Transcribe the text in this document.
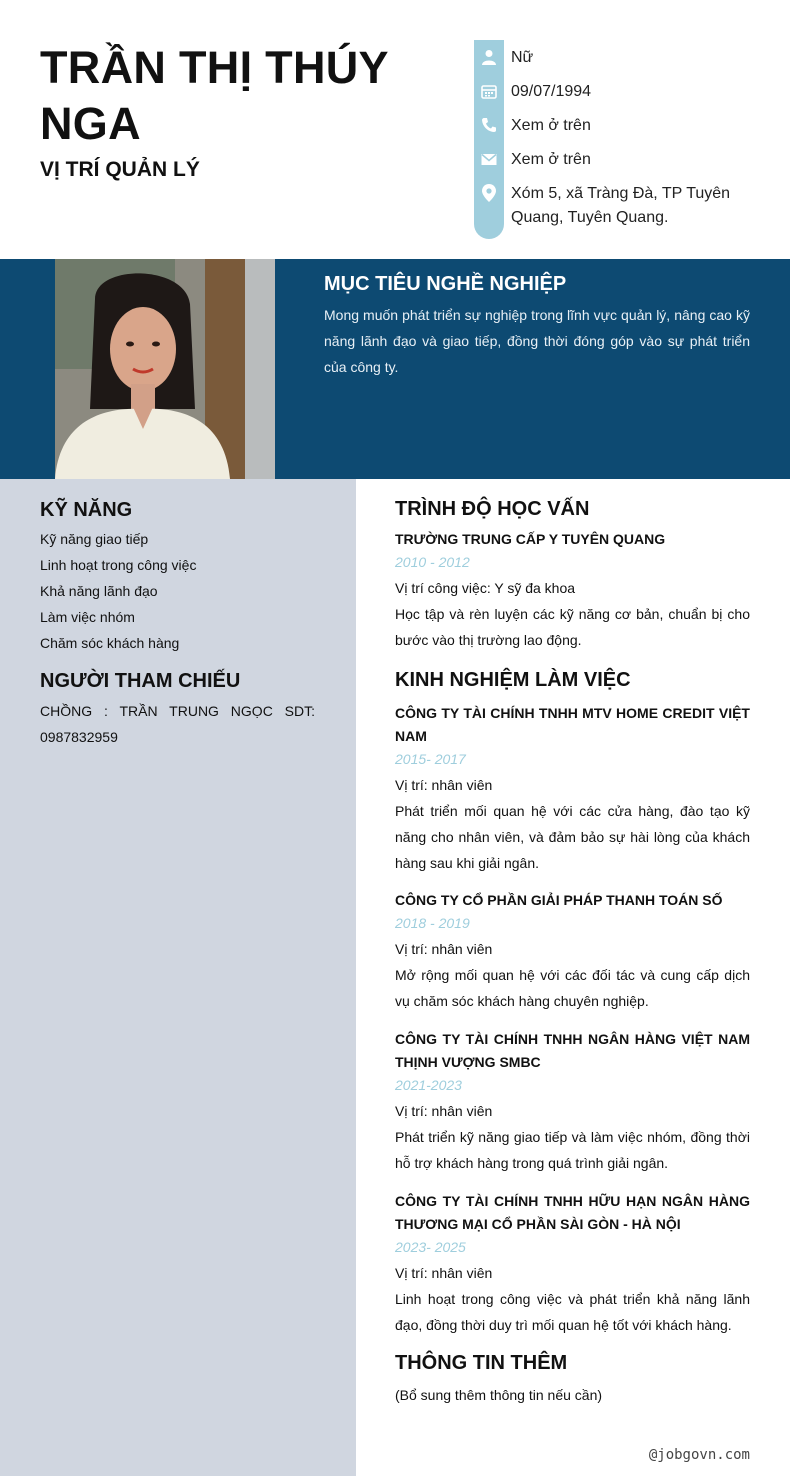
TRẦN THỊ THÚY NGA
VỊ TRÍ QUẢN LÝ
Nữ
09/07/1994
Xem ở trên
Xem ở trên
Xóm 5, xã Tràng Đà, TP Tuyên Quang, Tuyên Quang.
MỤC TIÊU NGHỀ NGHIỆP
Mong muốn phát triển sự nghiệp trong lĩnh vực quản lý, nâng cao kỹ năng lãnh đạo và giao tiếp, đồng thời đóng góp vào sự phát triển của công ty.
KỸ NĂNG
Kỹ năng giao tiếp
Linh hoạt trong công việc
Khả năng lãnh đạo
Làm việc nhóm
Chăm sóc khách hàng
NGƯỜI THAM CHIẾU
CHỒNG : TRẦN TRUNG NGỌC SDT: 0987832959
TRÌNH ĐỘ HỌC VẤN
TRƯỜNG TRUNG CẤP Y TUYÊN QUANG
2010 - 2012
Vị trí công việc: Y sỹ đa khoa
Học tập và rèn luyện các kỹ năng cơ bản, chuẩn bị cho bước vào thị trường lao động.
KINH NGHIỆM LÀM VIỆC
CÔNG TY TÀI CHÍNH TNHH MTV HOME CREDIT VIỆT NAM
2015- 2017
Vị trí: nhân viên
Phát triển mối quan hệ với các cửa hàng, đào tạo kỹ năng cho nhân viên, và đảm bảo sự hài lòng của khách hàng sau khi giải ngân.
CÔNG TY CỔ PHẦN GIẢI PHÁP THANH TOÁN SỐ
2018 - 2019
Vị trí: nhân viên
Mở rộng mối quan hệ với các đối tác và cung cấp dịch vụ chăm sóc khách hàng chuyên nghiệp.
CÔNG TY TÀI CHÍNH TNHH NGÂN HÀNG VIỆT NAM THỊNH VƯỢNG SMBC
2021-2023
Vị trí: nhân viên
Phát triển kỹ năng giao tiếp và làm việc nhóm, đồng thời hỗ trợ khách hàng trong quá trình giải ngân.
CÔNG TY TÀI CHÍNH TNHH HỮU HẠN NGÂN HÀNG THƯƠNG MẠI CỔ PHẦN SÀI GÒN - HÀ NỘI
2023- 2025
Vị trí: nhân viên
Linh hoạt trong công việc và phát triển khả năng lãnh đạo, đồng thời duy trì mối quan hệ tốt với khách hàng.
THÔNG TIN THÊM
(Bổ sung thêm thông tin nếu cần)
@jobgovn.com
